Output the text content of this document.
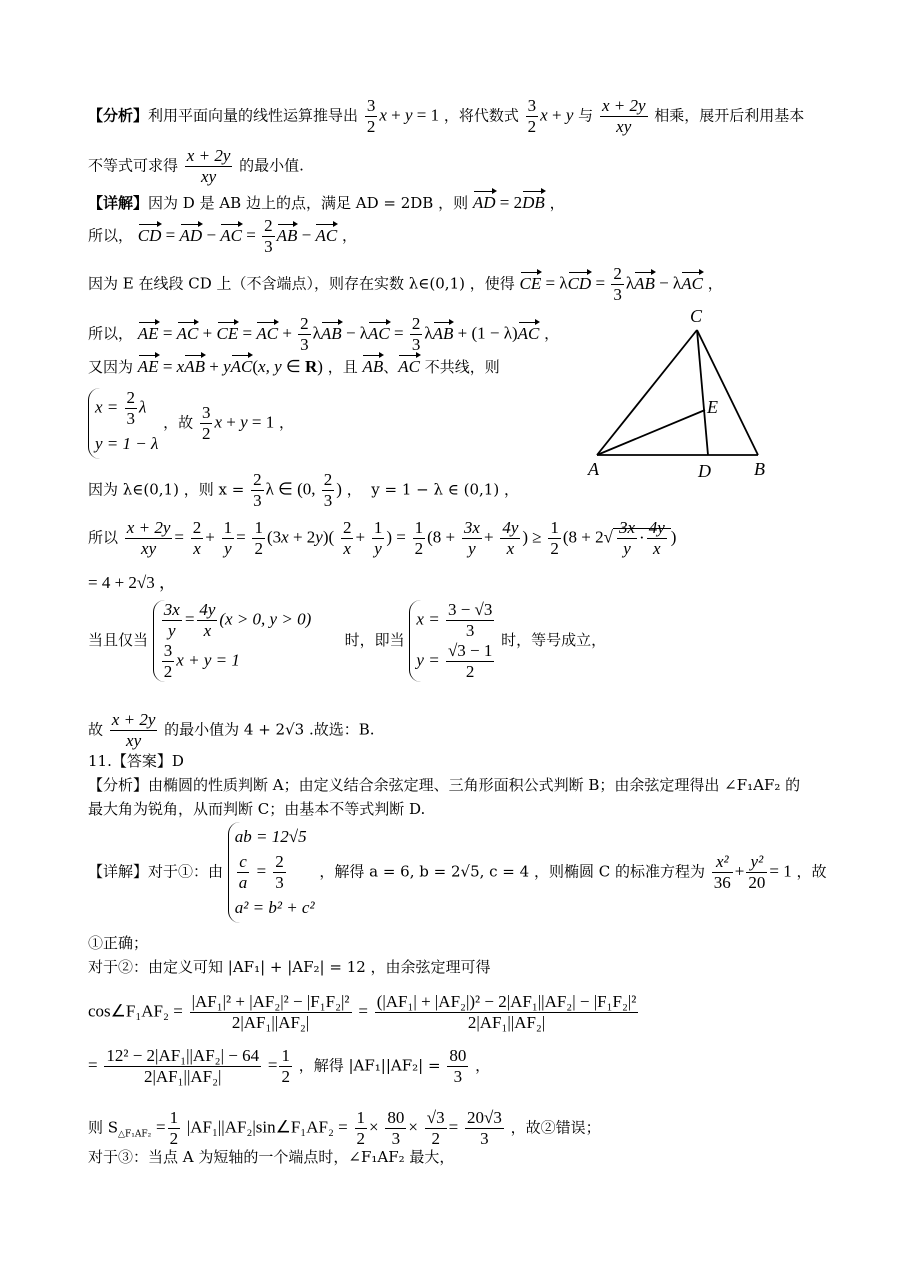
【分析】利用平面向量的线性运算推导出 $\frac{3}{2}$ x + y = 1 ，将代数式 $\frac{3}{2}$ x + y 与 $\frac{x + 2y}{xy}$ 相乘，展开后利用基本
不等式可求得 $\frac{x + 2y}{xy}$ 的最小值.
【详解】因为 D 是 AB 边上的点，满足 AD = 2DB ，则 AD = 2DB ，
所以， CD = AD − AC = $\frac{2}{3}$ AB − AC ，
因为 E 在线段 CD 上（不含端点），则存在实数 λ∈(0,1) ，使得 CE = $\lambda CD = \frac{2}{3}$ λAB − λAC ，
所以， AE = AC + CE = AC + $\frac{2}{3}$ $\lambda AB - \lambda AC = \frac{2}{3}$ λAB + (1 − λ)AC ，
又因为 AE = xAB + yAC(x, y ∈ R) ，且 AB、AC 不共线，则
$x = \frac{2}{3}$ λ
y = 1 − λ
，故 $\frac{3}{2}$ x + y = 1 ，
因为 λ∈(0,1) ，则 $x = \frac{2}{3}$ λ ∈ (0, $\frac{2}{3}$ ) ，  y = 1 − λ ∈ (0,1) ，
所以 $\frac{x + 2y}{xy} = \frac{2}{x} + \frac{1}{y} = \frac{1}{2} (3x + 2y)( \frac{2}{x} + \frac{1}{y}$ ) = $\frac{1}{2} (8 + \frac{3x}{y} + \frac{4y}{x}$ ) ≥ $\frac{1}{2} (8 + 2√ \frac{3x}{y} \cdot \frac{4y}{x}$ )
= 4 + 2√3 ，
当且仅当 $\frac{3x}{y} = \frac{4y}{x} (x > 0$, y > 0)
$\frac{3}{2}$ x + y = 1
时，即当
$x = \frac{3 - √3}{3}$
$y = \frac{√3 - 1}{2}$
时，等号成立，
故 $\frac{x + 2y}{xy}$ 的最小值为 4 + 2√3 .故选：B.
11.【答案】D
【分析】由椭圆的性质判断 A；由定义结合余弦定理、三角形面积公式判断 B；由余弦定理得出 ∠F₁AF₂ 的
最大角为锐角，从而判断 C；由基本不等式判断 D.
【详解】对于①：由
ab = 12√5
$\frac{c}{a} = \frac{2}{3}$
a² = b² + c²
，解得 a = 6, b = 2√5, c = 4 ，则椭圆 C 的标准方程为 $\frac{\text{x²}}{36} + \frac{\text{y²}}{20} = 1$ ，故
①正确；
对于②：由定义可知 |AF₁| + |AF₂| = 12 ，由余弦定理可得
cos∠F₁AF₂ = $\frac{\text{|AF₁|² + |AF₂|² − |F₁F₂|²}}{\text{2|AF₁||AF₂|}} = \frac{\text{(|AF₁| + |AF₂|)² − 2|AF₁||AF₂| − |F₁F₂|²}}{\text{2|AF₁||AF₂|}}$
= $\frac{\text{12² − 2|AF₁||AF₂| − 64}}{\text{2|AF₁||AF₂|}} = \frac{1}{2}$ ，解得 $|AF_1||AF_2| = \frac{80}{3}$ ，
则 $S_{\triangle F_1AF_2} = \frac{1}{2}$ |AF₁||AF₂|sin∠F₁AF₂ = $\frac{1}{2} \times \frac{80}{3} \times \frac{√3}{2} = \frac{20√3}{3}$ ，故②错误；
对于③：当点 A 为短轴的一个端点时，∠F₁AF₂ 最大，
C
E
A	D B
